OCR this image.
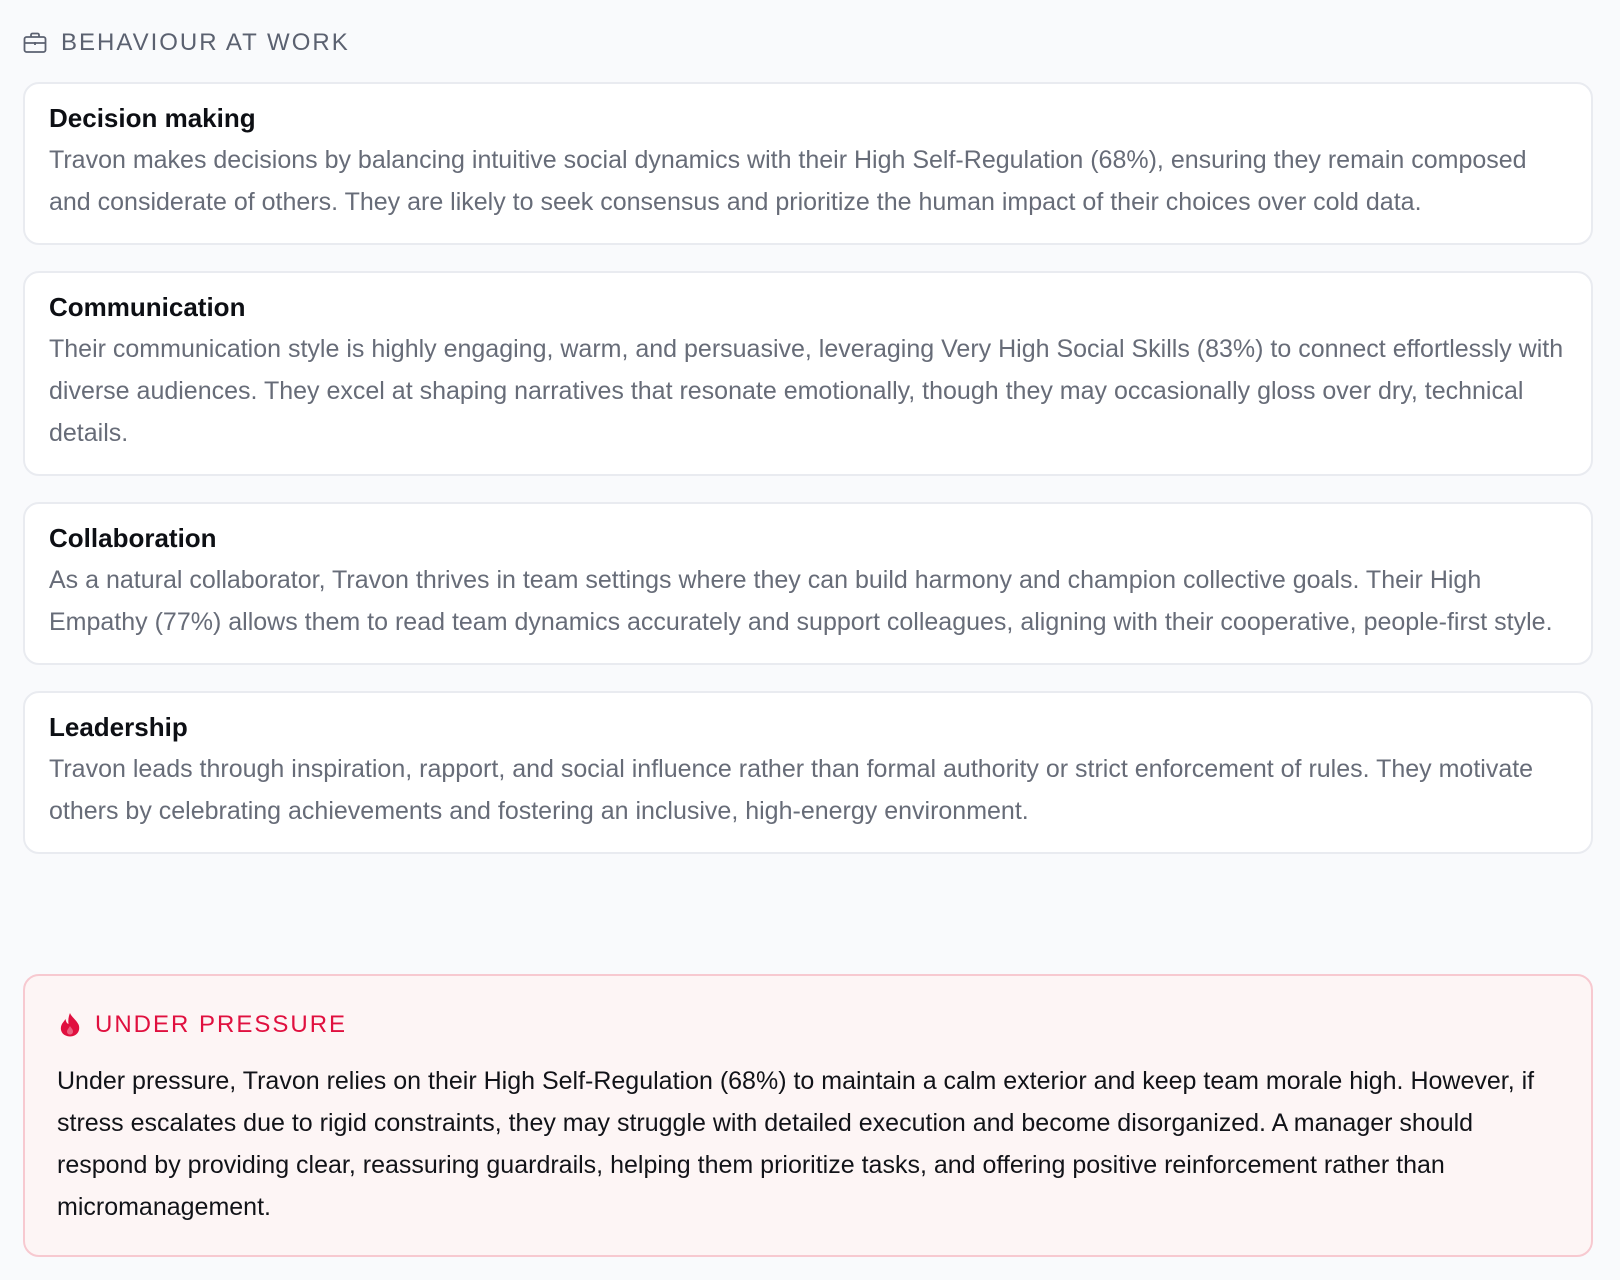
BEHAVIOUR AT WORK

Decision making

Travon makes decisions by balancing intuitive social dynamics with their High Self-Regulation (68%), ensuring they remain composed and considerate of others. They are likely to seek consensus and prioritize the human impact of their choices over cold data.

Communication

Their communication style is highly engaging, warm, and persuasive, leveraging Very High Social Skills (83%) to connect effortlessly with diverse audiences. They excel at shaping narratives that resonate emotionally, though they may occasionally gloss over dry, technical details.

Collaboration

As a natural collaborator, Travon thrives in team settings where they can build harmony and champion collective goals. Their High Empathy (77%) allows them to read team dynamics accurately and support colleagues, aligning with their cooperative, people-first style.

Leadership

Travon leads through inspiration, rapport, and social influence rather than formal authority or strict enforcement of rules. They motivate others by celebrating achievements and fostering an inclusive, high-energy environment.

UNDER PRESSURE

Under pressure, Travon relies on their High Self-Regulation (68%) to maintain a calm exterior and keep team morale high. However, if stress escalates due to rigid constraints, they may struggle with detailed execution and become disorganized. A manager should respond by providing clear, reassuring guardrails, helping them prioritize tasks, and offering positive reinforcement rather than micromanagement.
